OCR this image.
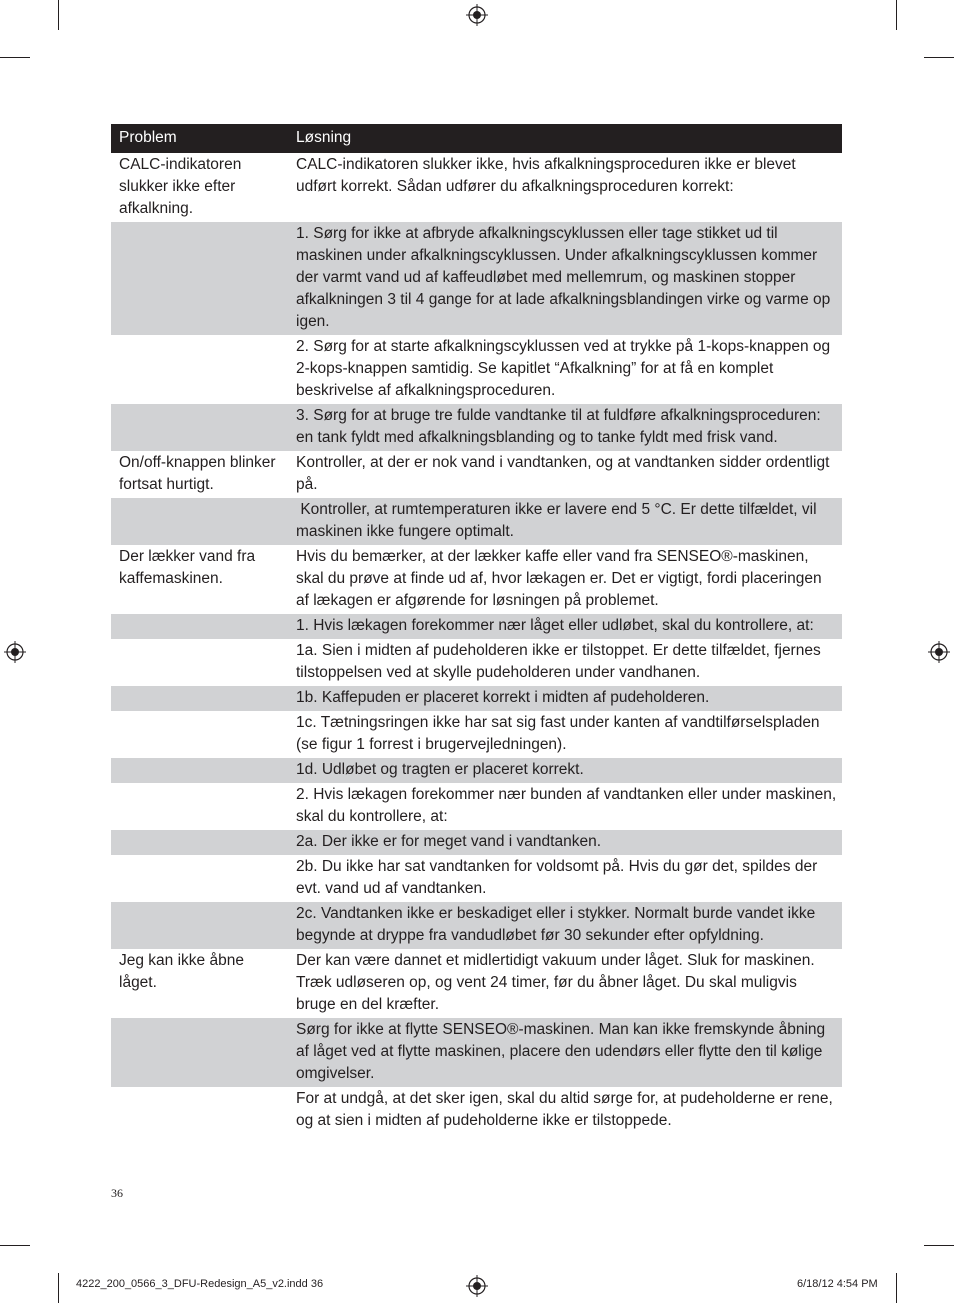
Problem	Løsning
CALC-indikatoren slukker ikke efter afkalkning.
CALC-indikatoren slukker ikke, hvis afkalkningsproceduren ikke er blevet udført korrekt. Sådan udfører du afkalkningsproceduren korrekt:
1. Sørg for ikke at afbryde afkalkningscyklussen eller tage stikket ud til maskinen under afkalkningscyklussen. Under afkalkningscyklussen kommer der varmt vand ud af kaffeudløbet med mellemrum, og maskinen stopper afkalkningen 3 til 4 gange for at lade afkalkningsblandingen virke og varme op igen.
2. Sørg for at starte afkalkningscyklussen ved at trykke på 1-kops-knappen og 2-kops-knappen samtidig. Se kapitlet “Afkalkning” for at få en komplet beskrivelse af afkalkningsproceduren.
3. Sørg for at bruge tre fulde vandtanke til at fuldføre afkalkningsproceduren: en tank fyldt med afkalkningsblanding og to tanke fyldt med frisk vand.
On/off-knappen blinker fortsat hurtigt.
Kontroller, at der er nok vand i vandtanken, og at vandtanken sidder ordentligt på.
Kontroller, at rumtemperaturen ikke er lavere end 5 °C. Er dette tilfældet, vil maskinen ikke fungere optimalt.
Der lækker vand fra kaffemaskinen.
Hvis du bemærker, at der lækker kaffe eller vand fra SENSEO®-maskinen, skal du prøve at finde ud af, hvor lækagen er. Det er vigtigt, fordi placeringen af lækagen er afgørende for løsningen på problemet.
1. Hvis lækagen forekommer nær låget eller udløbet, skal du kontrollere, at:
1a. Sien i midten af pudeholderen ikke er tilstoppet. Er dette tilfældet, fjernes tilstoppelsen ved at skylle pudeholderen under vandhanen.
1b. Kaffepuden er placeret korrekt i midten af pudeholderen.
1c. Tætningsringen ikke har sat sig fast under kanten af vandtilførselspladen (se figur 1 forrest i brugervejledningen).
1d. Udløbet og tragten er placeret korrekt.
2. Hvis lækagen forekommer nær bunden af vandtanken eller under maskinen, skal du kontrollere, at:
2a. Der ikke er for meget vand i vandtanken.
2b. Du ikke har sat vandtanken for voldsomt på. Hvis du gør det, spildes der evt. vand ud af vandtanken.
2c. Vandtanken ikke er beskadiget eller i stykker. Normalt burde vandet ikke begynde at dryppe fra vandudløbet før 30 sekunder efter opfyldning.
Jeg kan ikke åbne låget.
Der kan være dannet et midlertidigt vakuum under låget. Sluk for maskinen. Træk udløseren op, og vent 24 timer, før du åbner låget. Du skal muligvis bruge en del kræfter.
Sørg for ikke at flytte SENSEO®-maskinen. Man kan ikke fremskynde åbning af låget ved at flytte maskinen, placere den udendørs eller flytte den til kølige omgivelser.
For at undgå, at det sker igen, skal du altid sørge for, at pudeholderne er rene, og at sien i midten af pudeholderne ikke er tilstoppede.
36
4222_200_0566_3_DFU-Redesign_A5_v2.indd 36	6/18/12 4:54 PM
